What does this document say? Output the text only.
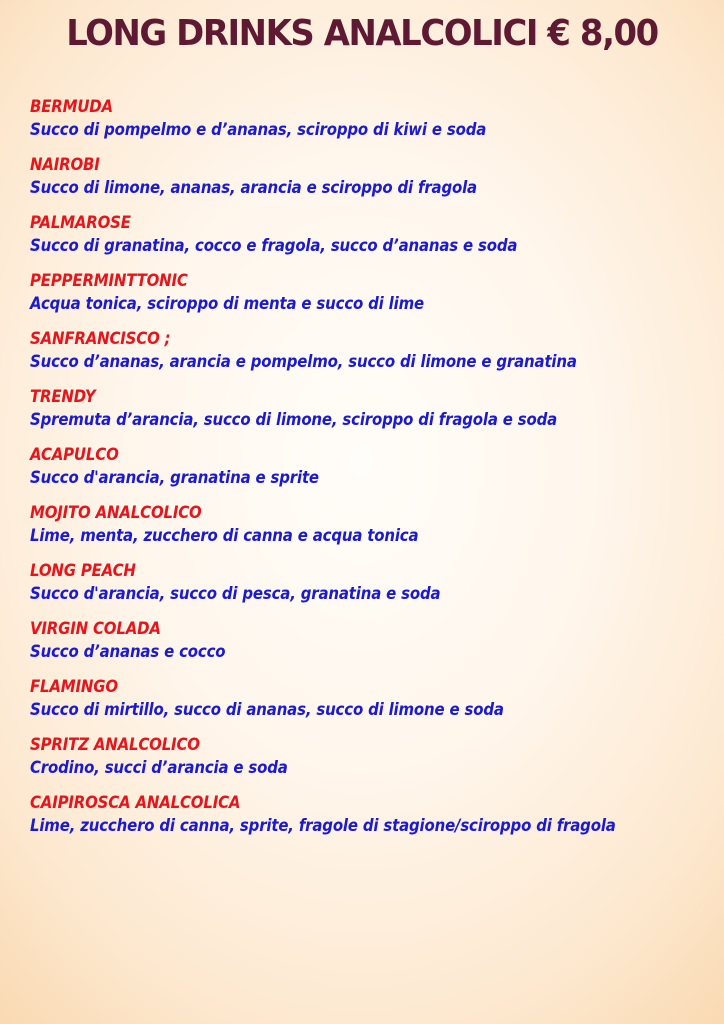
LONG DRINKS ANALCOLICI € 8,00
BERMUDA
Succo di pompelmo e d’ananas, sciroppo di kiwi e soda
NAIROBI
Succo di limone, ananas, arancia e sciroppo di fragola
PALMAROSE
Succo di granatina, cocco e fragola, succo d’ananas e soda
PEPPERMINTTONIC
Acqua tonica, sciroppo di menta e succo di lime
SANFRANCISCO ;
Succo d’ananas, arancia e pompelmo, succo di limone e granatina
TRENDY
Spremuta d’arancia, succo di limone, sciroppo di fragola e soda
ACAPULCO
Succo d'arancia, granatina e sprite
MOJITO ANALCOLICO
Lime, menta, zucchero di canna e acqua tonica
LONG PEACH
Succo d'arancia, succo di pesca, granatina e soda
VIRGIN COLADA
Succo d’ananas e cocco
FLAMINGO
Succo di mirtillo, succo di ananas, succo di limone e soda
SPRITZ ANALCOLICO
Crodino, succi d’arancia e soda
CAIPIROSCA ANALCOLICA
Lime, zucchero di canna, sprite, fragole di stagione/sciroppo di fragola
